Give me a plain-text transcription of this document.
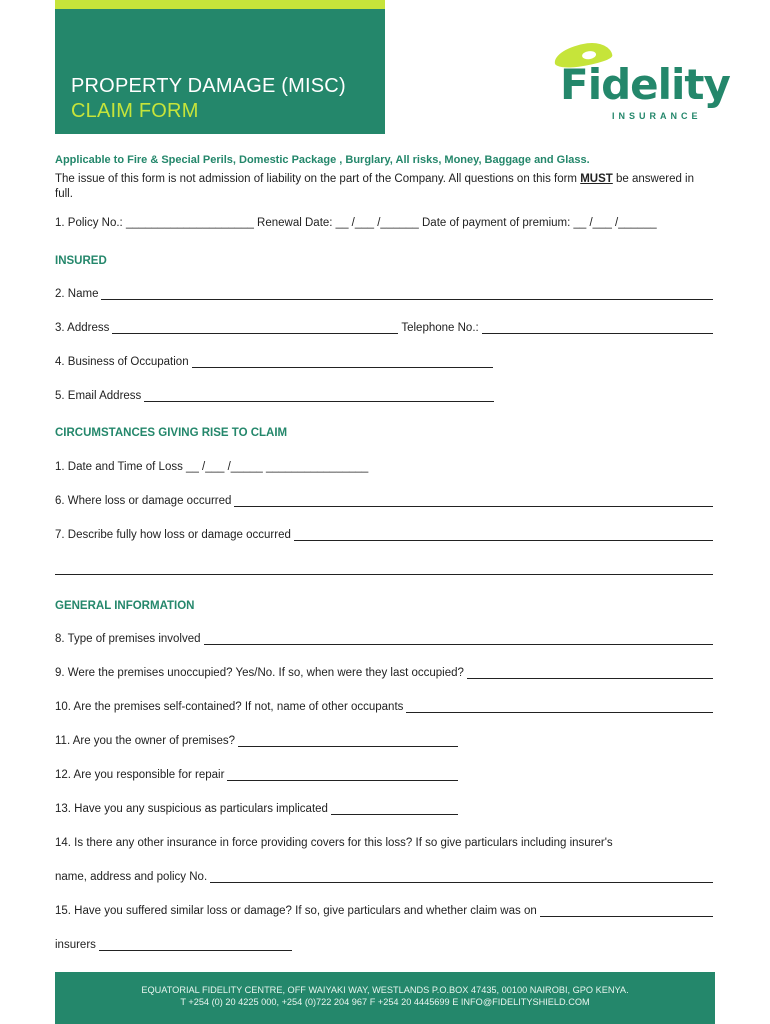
PROPERTY DAMAGE (MISC)
CLAIM FORM
Fidelity
INSURANCE
Applicable to Fire & Special Perils, Domestic Package , Burglary, All risks, Money, Baggage and Glass.
The issue of this form is not admission of liability on the part of the Company. All questions on this form MUST be answered in full.
1. Policy No.: ____________________ Renewal Date: __ /___ /______ Date of payment of premium: __ /___ /______
INSURED
2. Name
3. Address	Telephone No.:
4. Business of Occupation
5. Email Address
CIRCUMSTANCES GIVING RISE TO CLAIM
1. Date and Time of Loss __ /___ /_____ ________________
6. Where loss or damage occurred
7. Describe fully how loss or damage occurred
GENERAL INFORMATION
8. Type of premises involved
9. Were the premises unoccupied? Yes/No. If so, when were they last occupied?
10. Are the premises self-contained? If not, name of other occupants
11. Are you the owner of premises?
12. Are you responsible for repair
13. Have you any suspicious as particulars implicated
14. Is there any other insurance in force providing covers for this loss? If so give particulars including insurer's
name, address and policy No.
15. Have you suffered similar loss or damage? If so, give particulars and whether claim was on
insurers
EQUATORIAL FIDELITY CENTRE, OFF WAIYAKI WAY, WESTLANDS P.O.BOX 47435, 00100 NAIROBI, GPO KENYA.
T +254 (0) 20 4225 000, +254 (0)722 204 967 F +254 20 4445699 E INFO@FIDELITYSHIELD.COM
